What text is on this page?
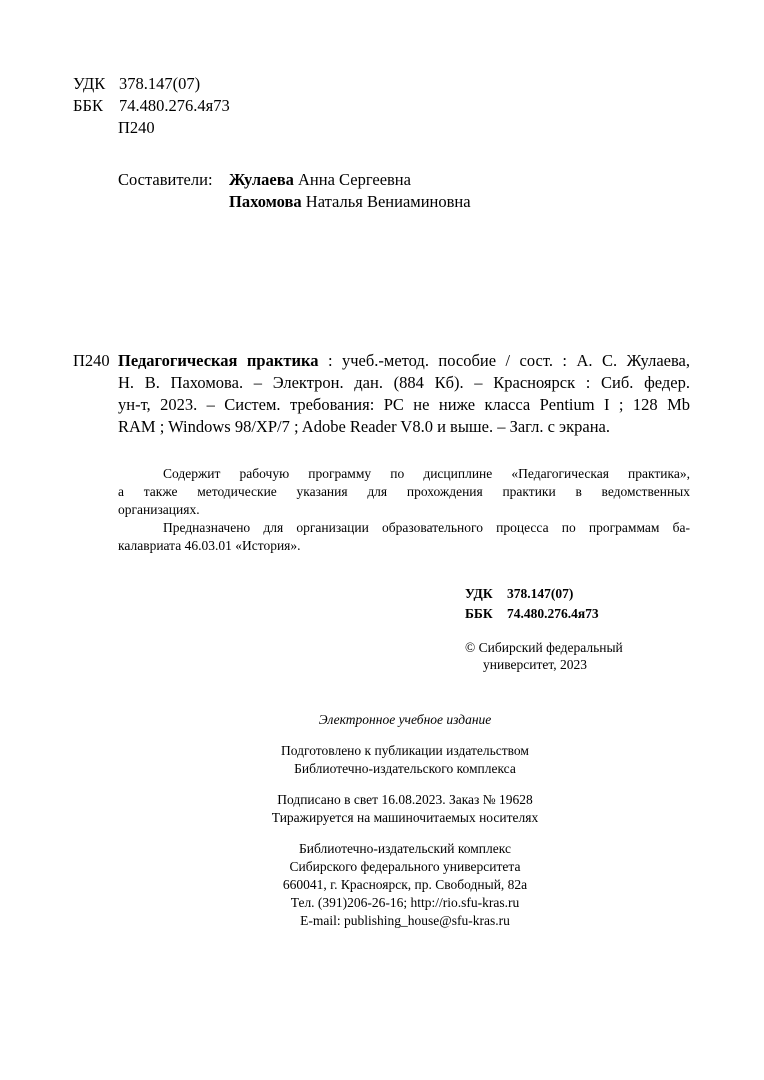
УДК 378.147(07)
ББК 74.480.276.4я73
П240
Составители: Жулаева Анна Сергеевна
Пахомова Наталья Вениаминовна
П240 Педагогическая практика : учеб.-метод. пособие / сост. : А. С. Жулаева,
Н. В. Пахомова. – Электрон. дан. (884 Кб). – Красноярск : Сиб. федер.
ун-т, 2023. – Систем. требования: PC не ниже класса Pentium I ; 128 Mb
RAM ; Windows 98/XP/7 ; Adobe Reader V8.0 и выше. – Загл. с экрана.
Содержит рабочую программу по дисциплине «Педагогическая практика»,
а также методические указания для прохождения практики в ведомственных
организациях.
Предназначено для организации образовательного процесса по программам ба-
калавриата 46.03.01 «История».
УДК 378.147(07)
ББК 74.480.276.4я73
© Сибирский федеральный
университет, 2023
Электронное учебное издание
Подготовлено к публикации издательством
Библиотечно-издательского комплекса
Подписано в свет 16.08.2023. Заказ № 19628
Тиражируется на машиночитаемых носителях
Библиотечно-издательский комплекс
Сибирского федерального университета
660041, г. Красноярск, пр. Свободный, 82а
Тел. (391)206-26-16; http://rio.sfu-kras.ru
E-mail: publishing_house@sfu-kras.ru
